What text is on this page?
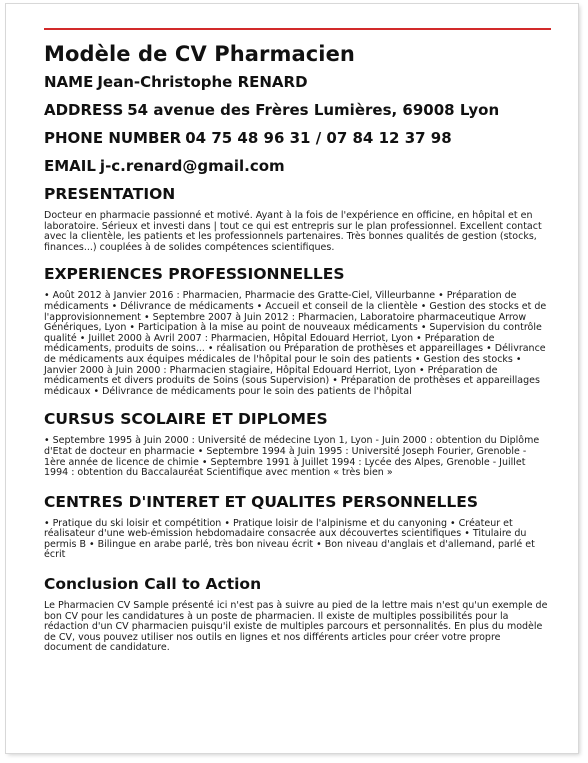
Modèle de CV Pharmacien

NAME Jean-Christophe RENARD

ADDRESS 54 avenue des Frères Lumières, 69008 Lyon

PHONE NUMBER 04 75 48 96 31 / 07 84 12 37 98

EMAIL j-c.renard@gmail.com

PRESENTATION

Docteur en pharmacie passionné et motivé. Ayant à la fois de l'expérience en officine, en hôpital et en laboratoire. Sérieux et investi dans | tout ce qui est entrepris sur le plan professionnel. Excellent contact avec la clientèle, les patients et les professionnels partenaires. Très bonnes qualités de gestion (stocks, finances...) couplées à de solides compétences scientifiques.

EXPERIENCES PROFESSIONNELLES

• Août 2012 à Janvier 2016 : Pharmacien, Pharmacie des Gratte-Ciel, Villeurbanne • Préparation de médicaments • Délivrance de médicaments • Accueil et conseil de la clientèle • Gestion des stocks et de l'approvisionnement • Septembre 2007 à Juin 2012 : Pharmacien, Laboratoire pharmaceutique Arrow Génériques, Lyon • Participation à la mise au point de nouveaux médicaments • Supervision du contrôle qualité • Juillet 2000 à Avril 2007 : Pharmacien, Hôpital Edouard Herriot, Lyon • Préparation de médicaments, produits de soins... • réalisation ou Préparation de prothèses et appareillages • Délivrance de médicaments aux équipes médicales de l'hôpital pour le soin des patients • Gestion des stocks • Janvier 2000 à Juin 2000 : Pharmacien stagiaire, Hôpital Edouard Herriot, Lyon • Préparation de médicaments et divers produits de Soins (sous Supervision) • Préparation de prothèses et appareillages médicaux • Délivrance de médicaments pour le soin des patients de l'hôpital

CURSUS SCOLAIRE ET DIPLOMES

• Septembre 1995 à Juin 2000 : Université de médecine Lyon 1, Lyon - Juin 2000 : obtention du Diplôme d'Etat de docteur en pharmacie • Septembre 1994 à Juin 1995 : Université Joseph Fourier, Grenoble - 1ère année de licence de chimie • Septembre 1991 à Juillet 1994 : Lycée des Alpes, Grenoble - Juillet 1994 : obtention du Baccalauréat Scientifique avec mention « très bien »

CENTRES D'INTERET ET QUALITES PERSONNELLES

• Pratique du ski loisir et compétition • Pratique loisir de l'alpinisme et du canyoning • Créateur et réalisateur d'une web-émission hebdomadaire consacrée aux découvertes scientifiques • Titulaire du permis B • Bilingue en arabe parlé, très bon niveau écrit • Bon niveau d'anglais et d'allemand, parlé et écrit

Conclusion Call to Action

Le Pharmacien CV Sample présenté ici n'est pas à suivre au pied de la lettre mais n'est qu'un exemple de bon CV pour les candidatures à un poste de pharmacien. Il existe de multiples possibilités pour la rédaction d'un CV pharmacien puisqu'il existe de multiples parcours et personnalités. En plus du modèle de CV, vous pouvez utiliser nos outils en lignes et nos différents articles pour créer votre propre document de candidature.
